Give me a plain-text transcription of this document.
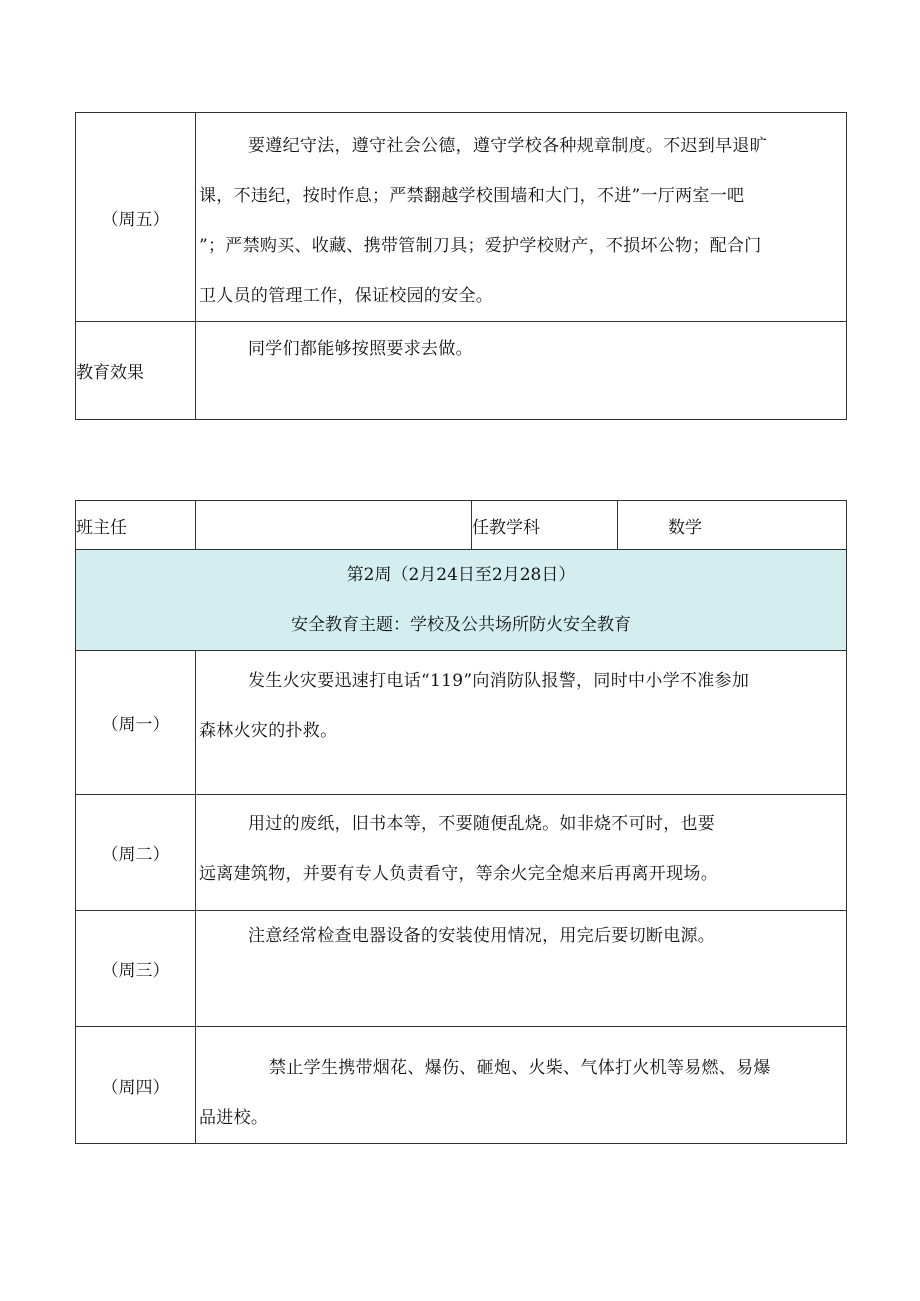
（周五）	要遵纪守法，遵守社会公德，遵守学校各种规章制度。不迟到早退旷
课，不违纪，按时作息；严禁翻越学校围墙和大门，不进”一厅两室一吧
”；严禁购买、收藏、携带管制刀具；爱护学校财产，不损坏公物；配合门
卫人员的管理工作，保证校园的安全。

教育效果	同学们都能够按照要求去做。
班主任		任教学科	数学

第2周（2月24日至2月28日）
安全教育主题：学校及公共场所防火安全教育			

（周一）	发生火灾要迅速打电话“119”向消防队报警，同时中小学不准参加
森林火灾的扑救。		

（周二）	用过的废纸，旧书本等，不要随便乱烧。如非烧不可时，也要
远离建筑物，并要有专人负责看守，等余火完全熄来后再离开现场。		

（周三）	注意经常检查电器设备的安装使用情况，用完后要切断电源。		

（周四）	禁止学生携带烟花、爆伤、砸炮、火柴、气体打火机等易燃、易爆
品进校。		
